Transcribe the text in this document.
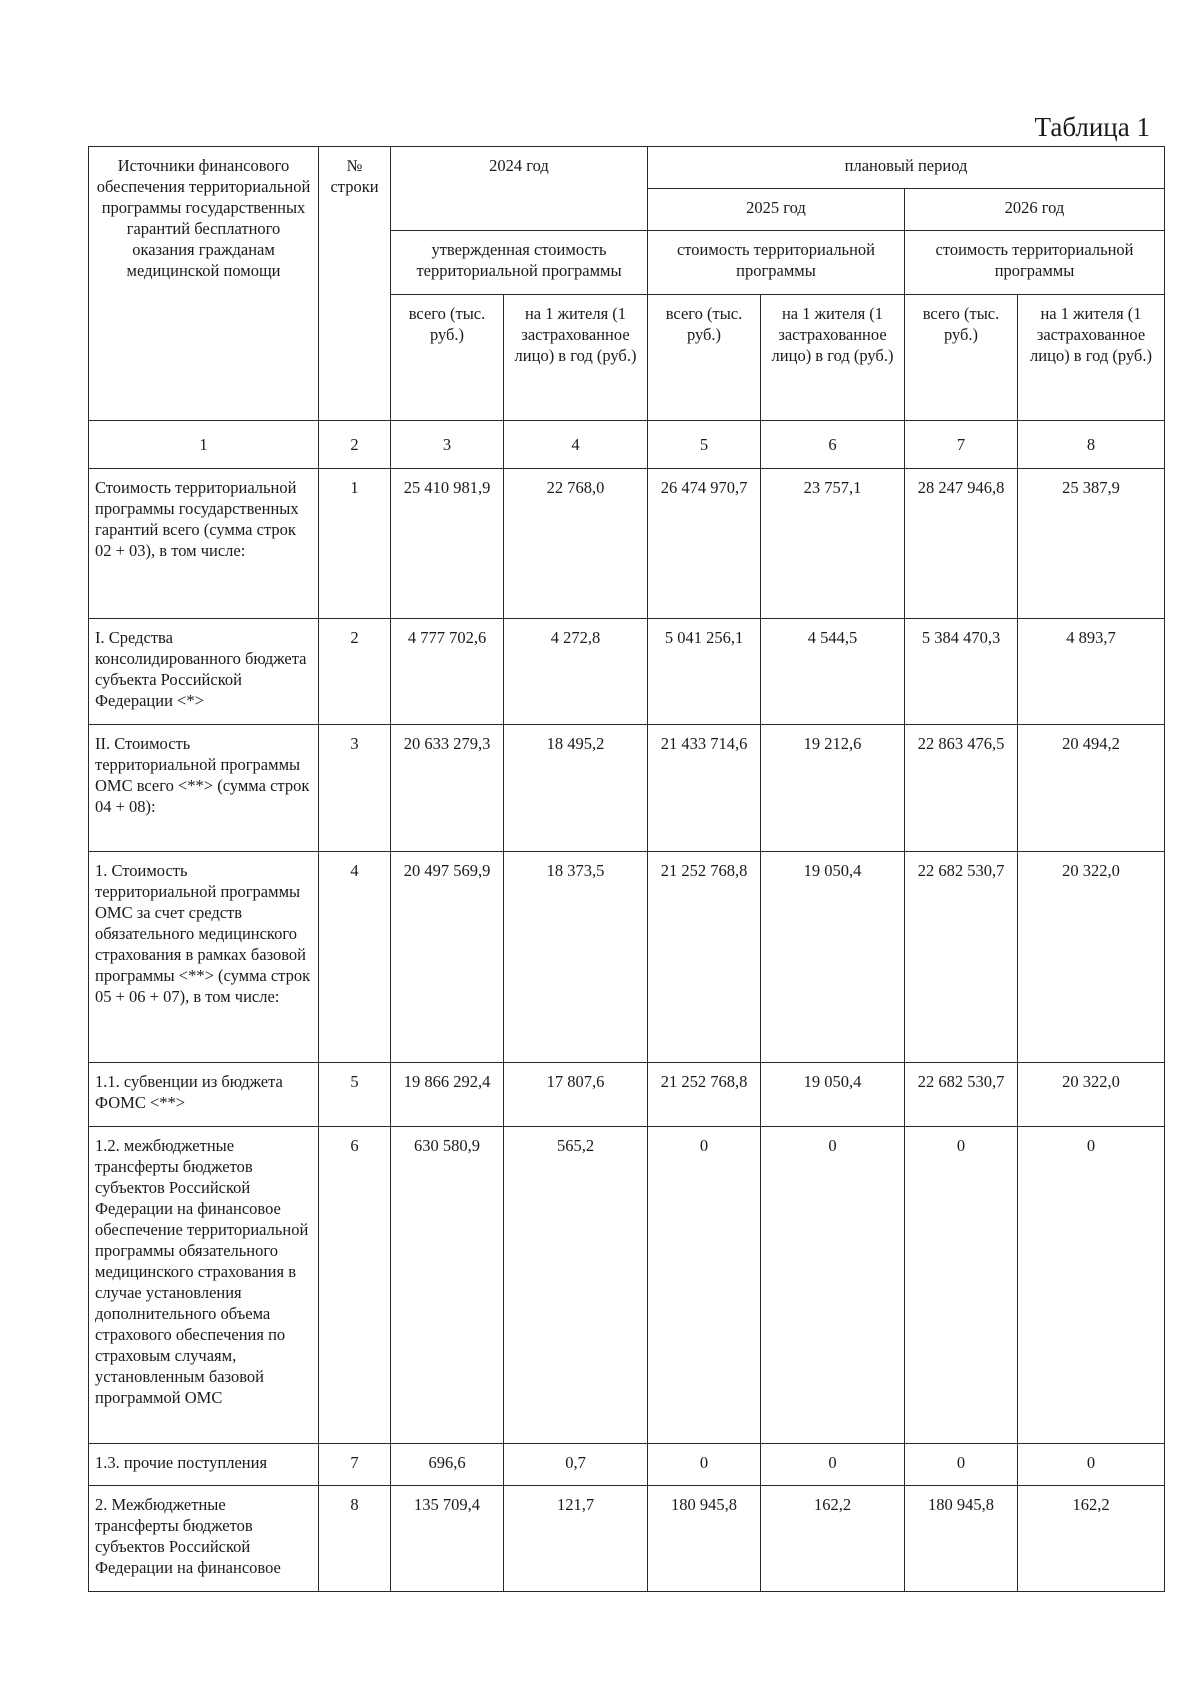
Таблица 1
Источники финансового обеспечения территориальной программы государственных гарантий бесплатного оказания гражданам медицинской помощи	№ строки	2024 год		плановый период			
				2025 год		2026 год	
		утвержденная стоимость территориальной программы		стоимость территориальной программы		стоимость территориальной программы	
		всего (тыс. руб.)	на 1 жителя (1 застрахованное лицо) в год (руб.)	всего (тыс. руб.)	на 1 жителя (1 застрахованное лицо) в год (руб.)	всего (тыс. руб.)	на 1 жителя (1 застрахованное лицо) в год (руб.)
1	2	3	4	5	6	7	8
Стоимость территориальной программы государственных гарантий всего (сумма строк 02 + 03), в том числе:	1	25 410 981,9	22 768,0	26 474 970,7	23 757,1	28 247 946,8	25 387,9
I. Средства консолидированного бюджета субъекта Российской Федерации <*>	2	4 777 702,6	4 272,8	5 041 256,1	4 544,5	5 384 470,3	4 893,7
II. Стоимость территориальной программы ОМС всего <**> (сумма строк 04 + 08):	3	20 633 279,3	18 495,2	21 433 714,6	19 212,6	22 863 476,5	20 494,2
1. Стоимость территориальной программы ОМС за счет средств обязательного медицинского страхования в рамках базовой программы <**> (сумма строк 05 + 06 + 07), в том числе:	4	20 497 569,9	18 373,5	21 252 768,8	19 050,4	22 682 530,7	20 322,0
1.1. субвенции из бюджета ФОМС <**>	5	19 866 292,4	17 807,6	21 252 768,8	19 050,4	22 682 530,7	20 322,0
1.2. межбюджетные трансферты бюджетов субъектов Российской Федерации на финансовое обеспечение территориальной программы обязательного медицинского страхования в случае установления дополнительного объема страхового обеспечения по страховым случаям, установленным базовой программой ОМС	6	630 580,9	565,2	0	0	0	0
1.3. прочие поступления	7	696,6	0,7	0	0	0	0
2. Межбюджетные трансферты бюджетов субъектов Российской Федерации на финансовое	8	135 709,4	121,7	180 945,8	162,2	180 945,8	162,2
